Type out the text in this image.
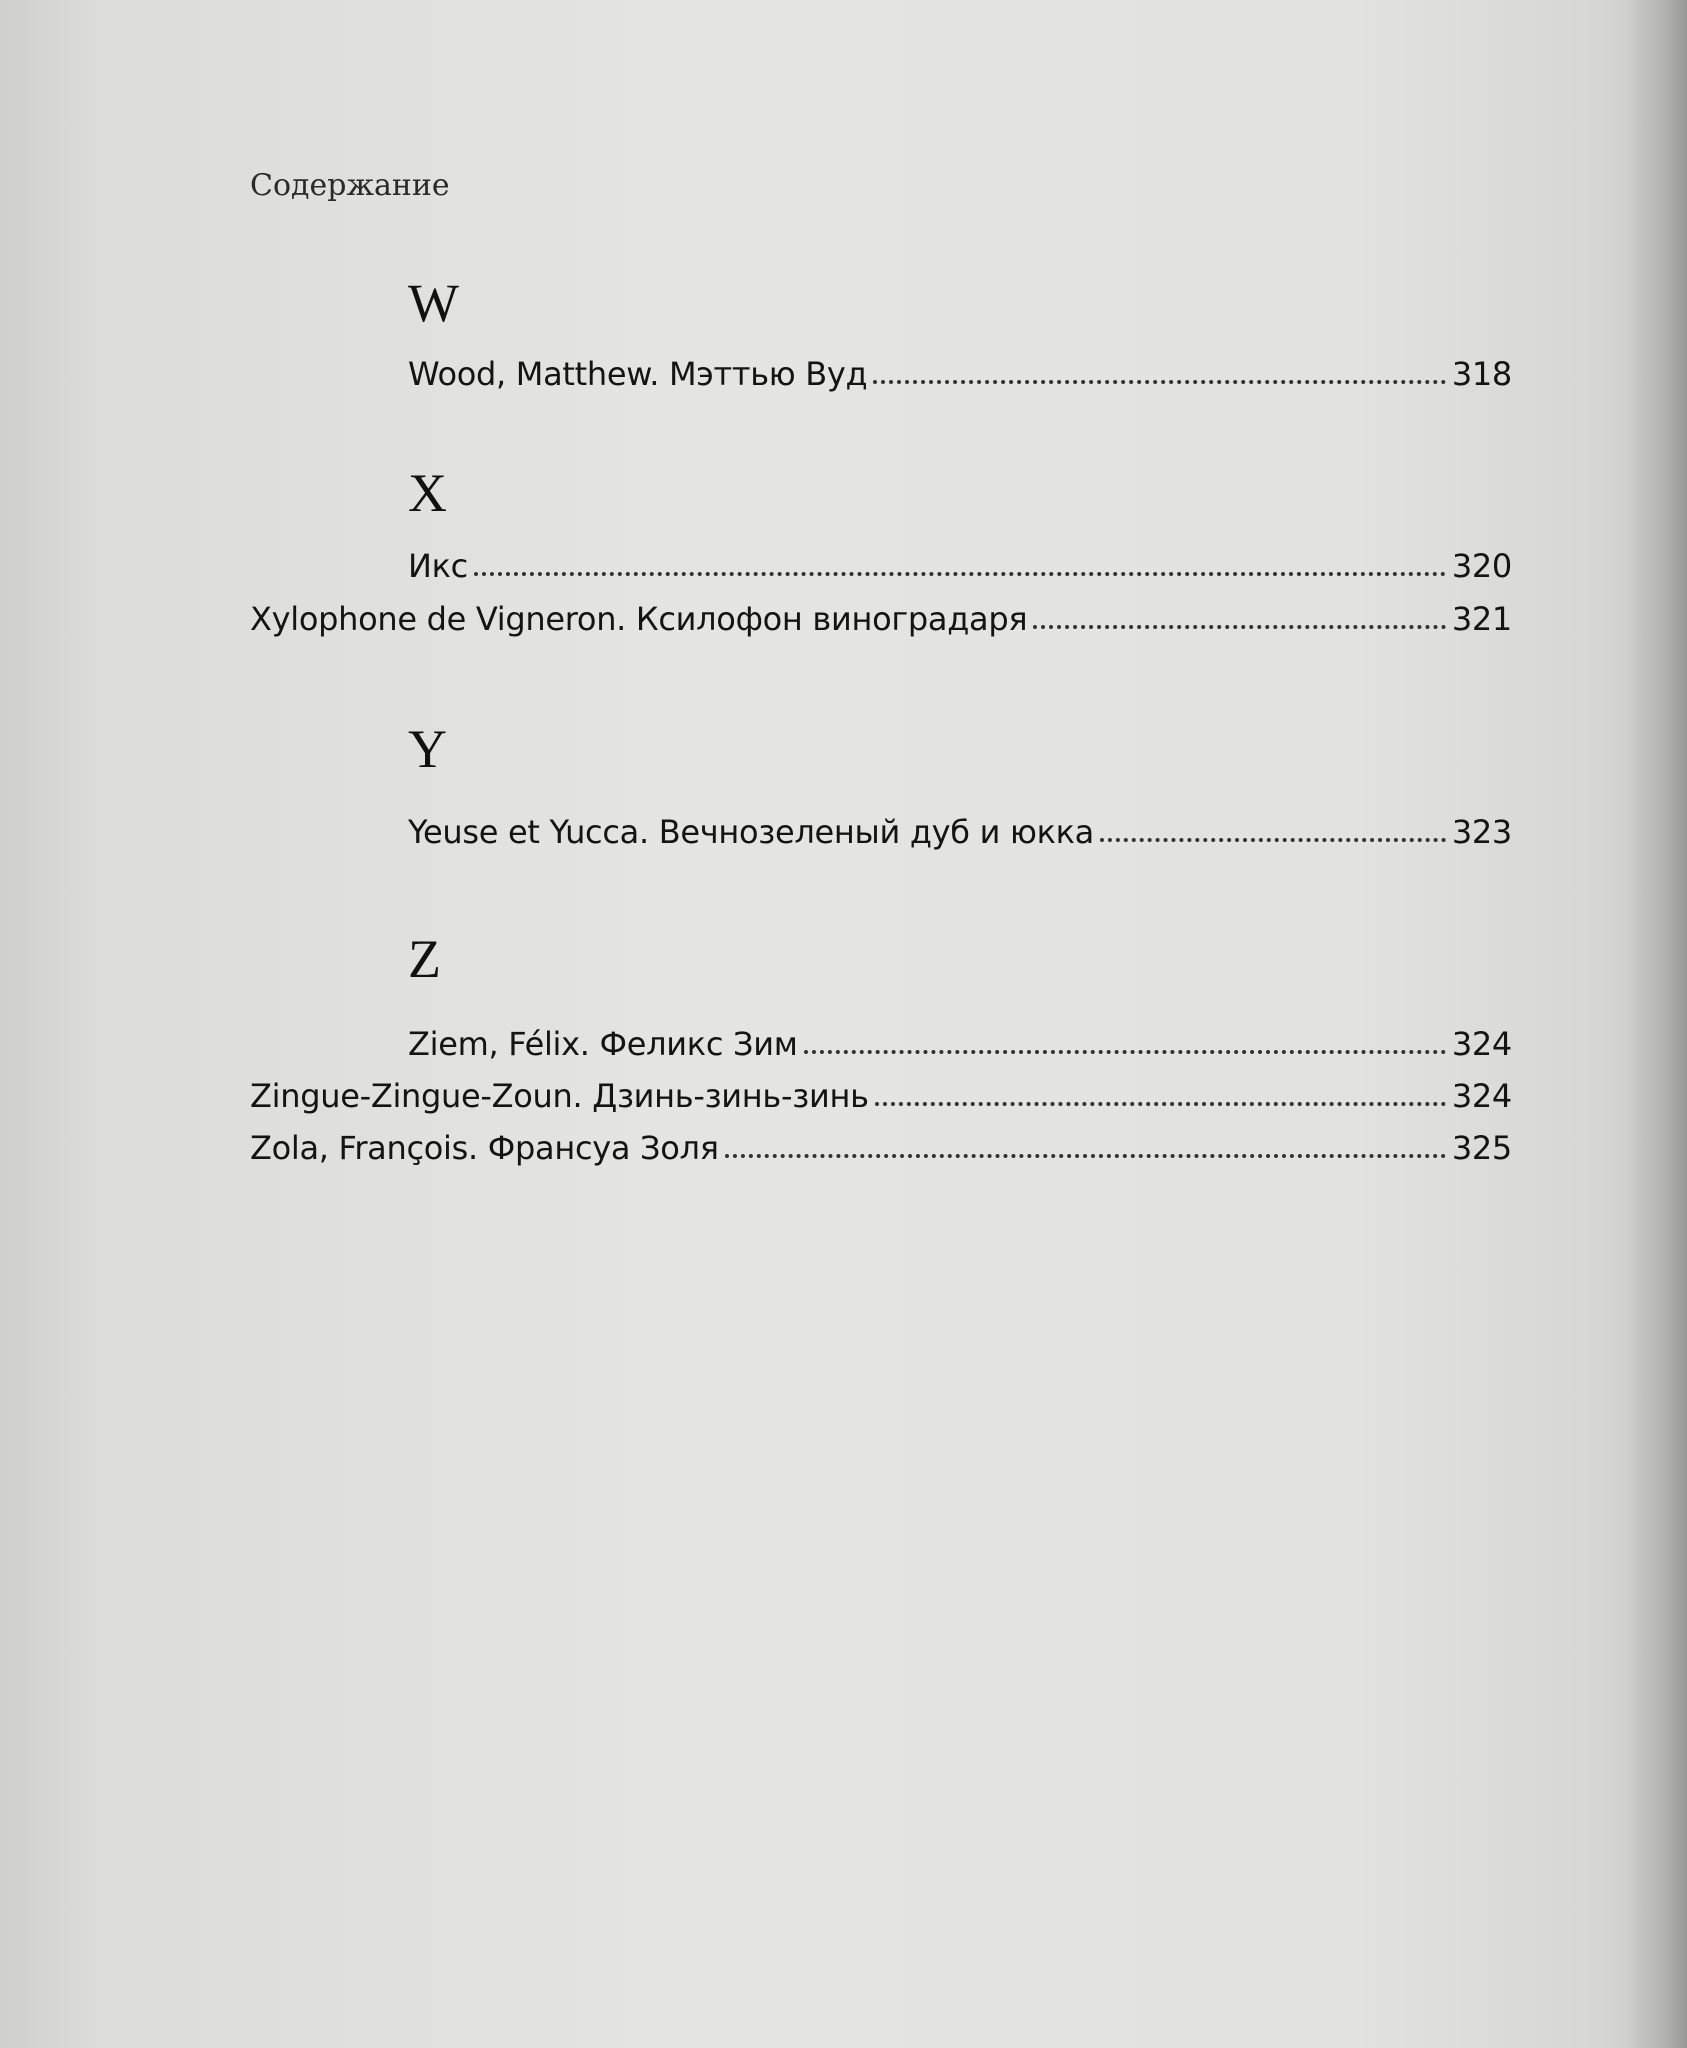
Содержание
W
Wood, Matthew. Мэттью Вуд	318
X
Икс	320
Xylophone de Vigneron. Ксилофон виноградаря	321
Y
Yeuse et Yucca. Вечнозеленый дуб и юкка	323
Z
Ziem, Félix. Феликс Зим	324
Zingue-Zingue-Zoun. Дзинь-зинь-зинь	324
Zola, François. Франсуа Золя	325
